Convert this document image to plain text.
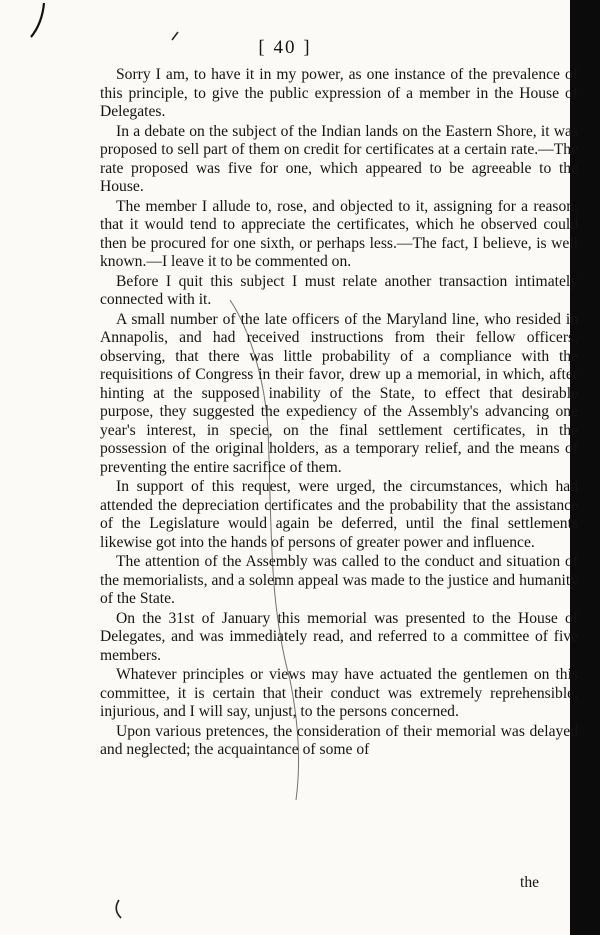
[ 40 ]

Sorry I am, to have it in my power, as one instance of the prevalence of this principle, to give the public expression of a member in the House of Delegates.

In a debate on the subject of the Indian lands on the Eastern Shore, it was proposed to sell part of them on credit for certificates at a certain rate.—The rate proposed was five for one, which appeared to be agreeable to the House.

The member I allude to, rose, and objected to it, assigning for a reason, that it would tend to appreciate the certificates, which he observed could then be procured for one sixth, or perhaps less.—The fact, I believe, is well known.—I leave it to be commented on.

Before I quit this subject I must relate another transaction intimately connected with it.

A small number of the late officers of the Maryland line, who resided in Annapolis, and had received instructions from their fellow officers, observing, that there was little probability of a compliance with the requisitions of Congress in their favor, drew up a memorial, in which, after hinting at the supposed inability of the State, to effect that desirable purpose, they suggested the expediency of the Assembly's advancing one year's interest, in specie, on the final settlement certificates, in the possession of the original holders, as a temporary relief, and the means of preventing the entire sacrifice of them.

In support of this request, were urged, the circumstances, which had attended the depreciation certificates and the probability that the assistance of the Legislature would again be deferred, until the final settlements likewise got into the hands of persons of greater power and influence.

The attention of the Assembly was called to the conduct and situation of the memorialists, and a solemn appeal was made to the justice and humanity of the State.

On the 31st of January this memorial was presented to the House of Delegates, and was immediately read, and referred to a committee of five members.

Whatever principles or views may have actuated the gentlemen on this committee, it is certain that their conduct was extremely reprehensible, injurious, and I will say, unjust, to the persons concerned.

Upon various pretences, the consideration of their memorial was delayed and neglected; the acquaintance of some of

the
